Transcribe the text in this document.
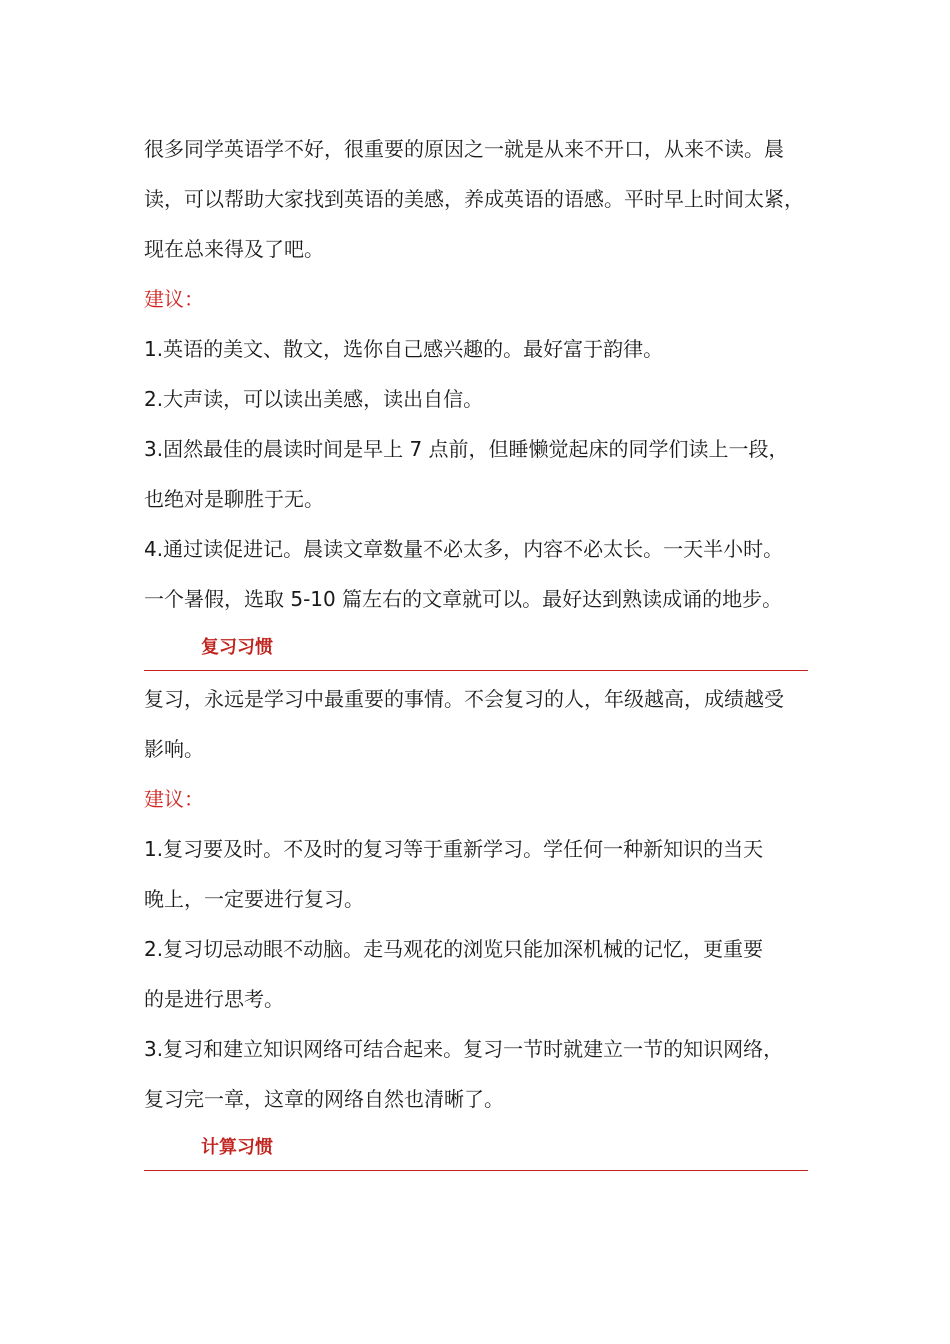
很多同学英语学不好，很重要的原因之一就是从来不开口，从来不读。晨
读，可以帮助大家找到英语的美感，养成英语的语感。平时早上时间太紧，
现在总来得及了吧。
建议：
1.英语的美文、散文，选你自己感兴趣的。最好富于韵律。
2.大声读，可以读出美感，读出自信。
3.固然最佳的晨读时间是早上 7 点前，但睡懒觉起床的同学们读上一段，
也绝对是聊胜于无。
4.通过读促进记。晨读文章数量不必太多，内容不必太长。一天半小时。
一个暑假，选取 5-10 篇左右的文章就可以。最好达到熟读成诵的地步。
复习习惯
复习，永远是学习中最重要的事情。不会复习的人，年级越高，成绩越受
影响。
建议：
1.复习要及时。不及时的复习等于重新学习。学任何一种新知识的当天
晚上，一定要进行复习。
2.复习切忌动眼不动脑。走马观花的浏览只能加深机械的记忆，更重要
的是进行思考。
3.复习和建立知识网络可结合起来。复习一节时就建立一节的知识网络，
复习完一章，这章的网络自然也清晰了。
计算习惯
